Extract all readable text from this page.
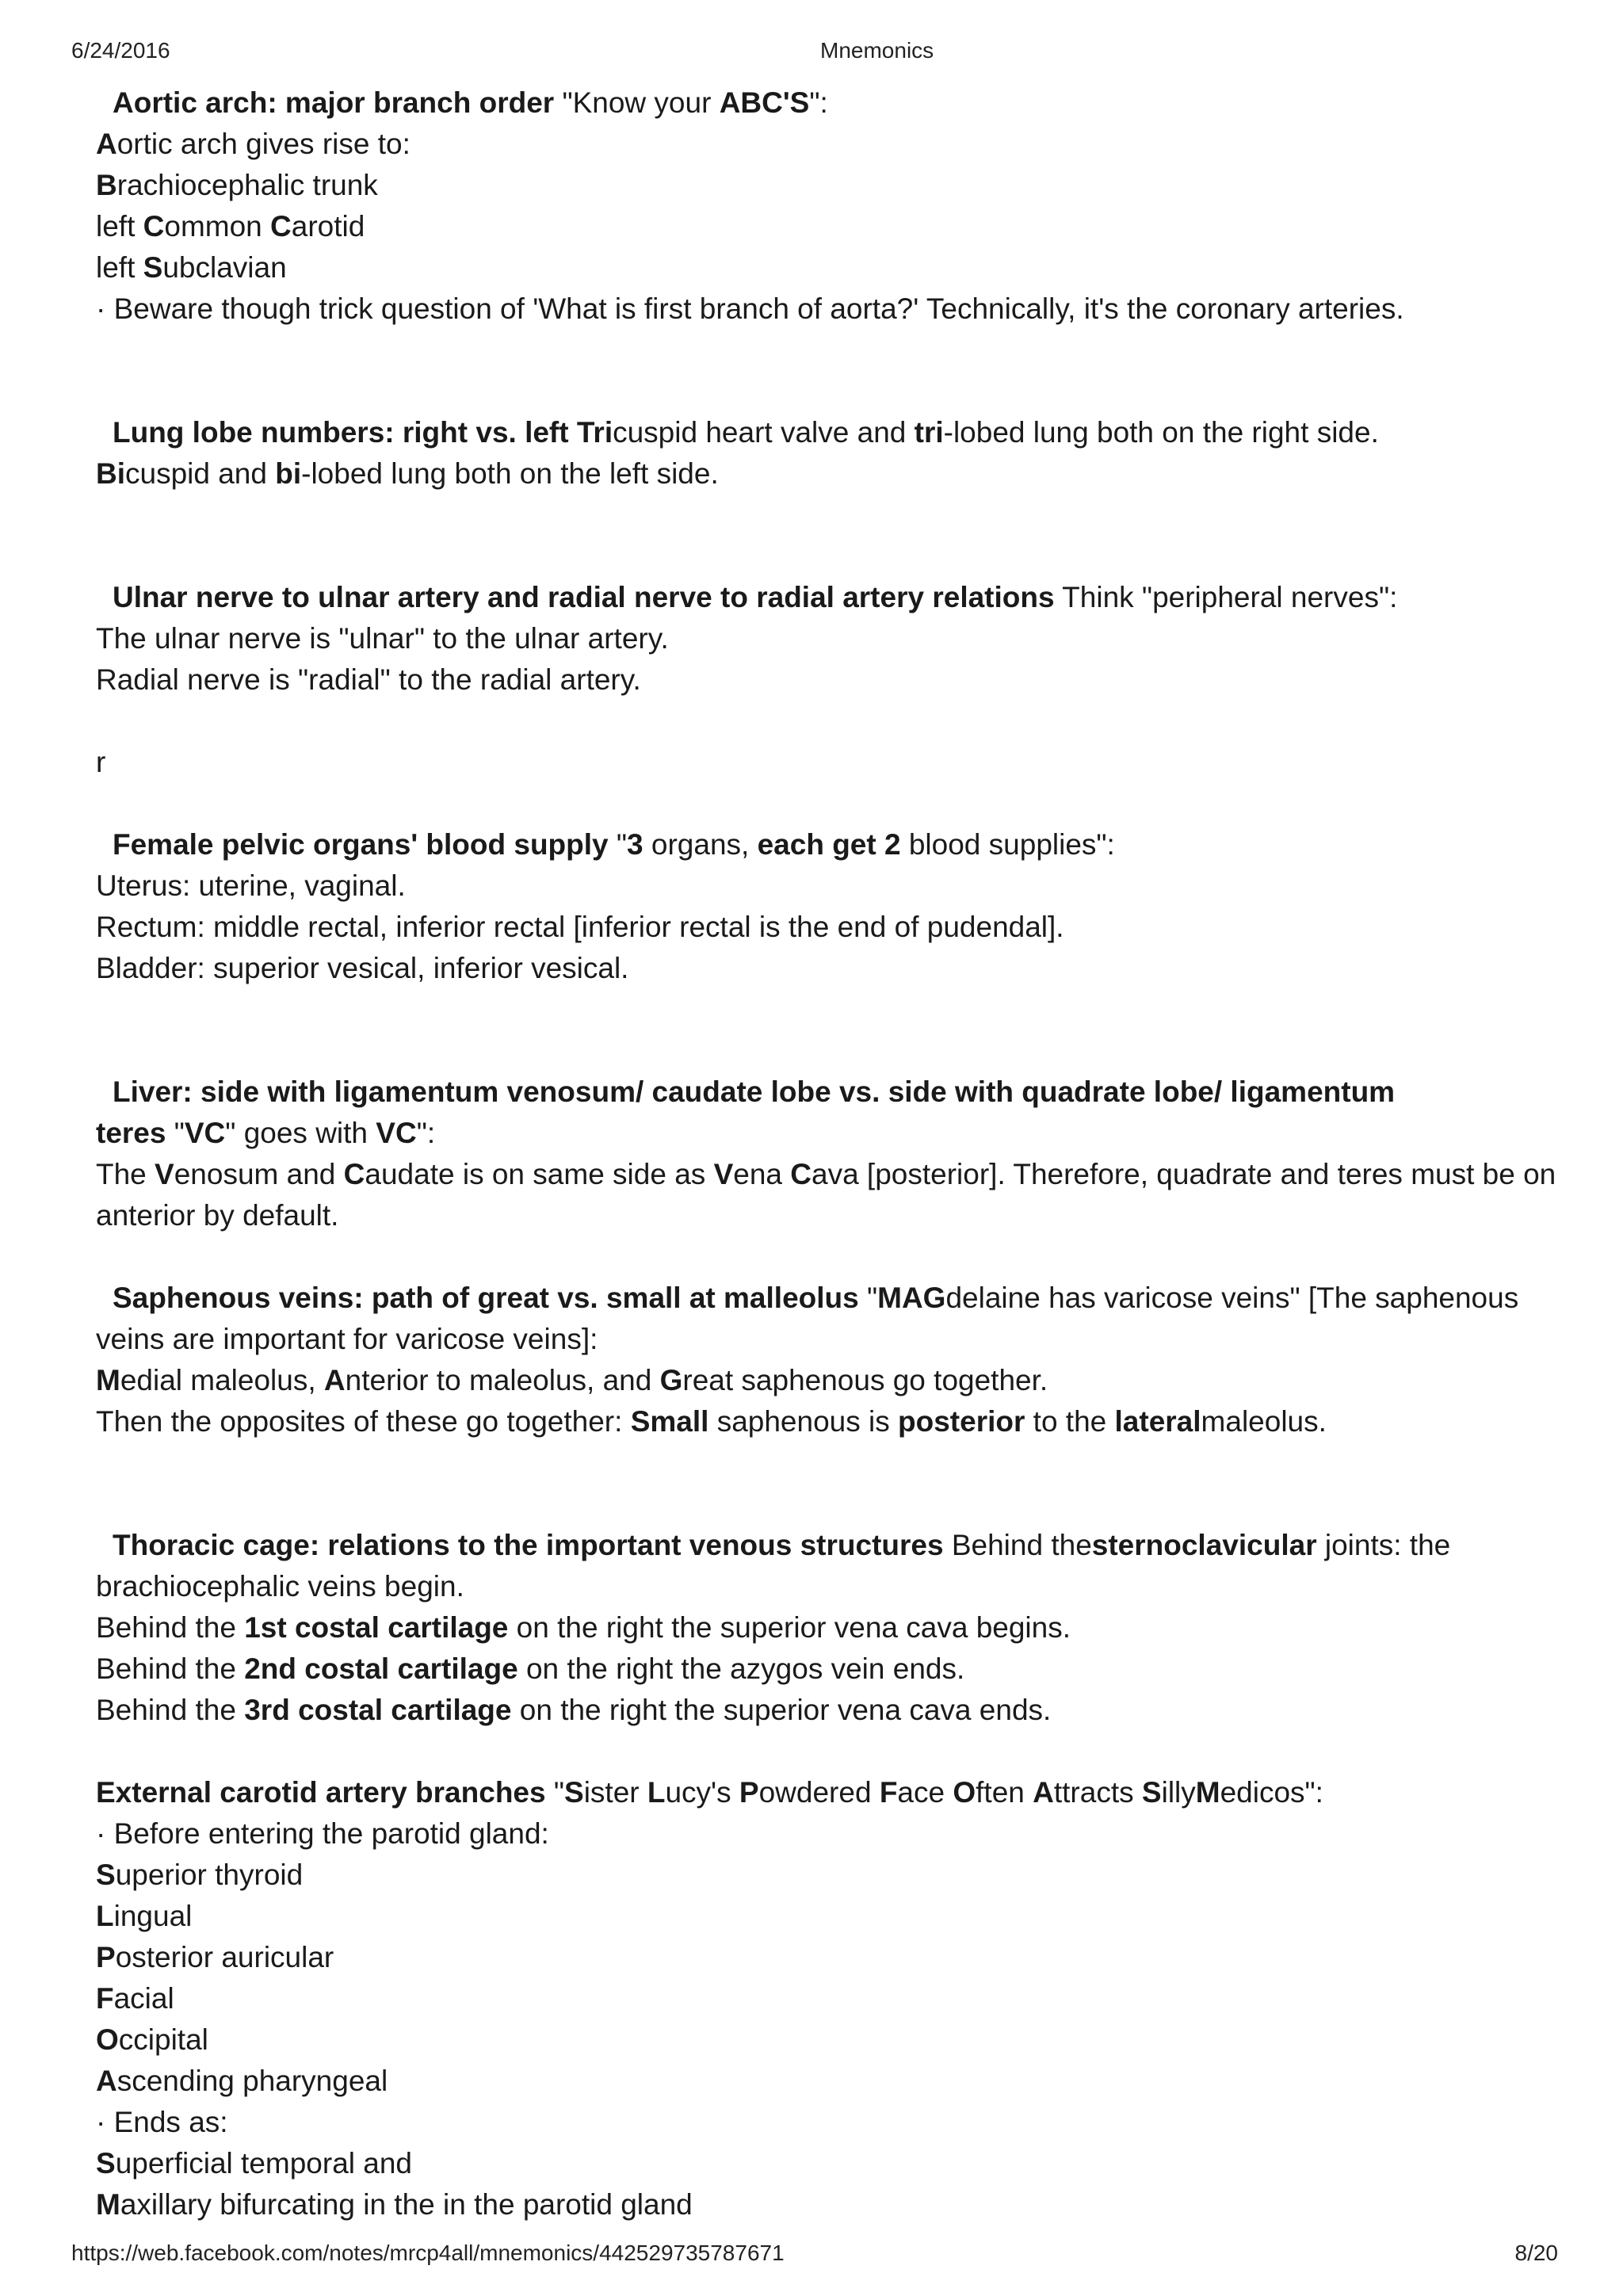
6/24/2016	Mnemonics
Aortic arch: major branch order "Know your ABC'S":
Aortic arch gives rise to:
Brachiocephalic trunk
left Common Carotid
left Subclavian
· Beware though trick question of 'What is first branch of aorta?' Technically, it's the coronary arteries.
Lung lobe numbers: right vs. left Tricuspid heart valve and tri-lobed lung both on the right side.
Bicuspid and bi-lobed lung both on the left side.
Ulnar nerve to ulnar artery and radial nerve to radial artery relations Think "peripheral nerves":
The ulnar nerve is "ulnar" to the ulnar artery.
Radial nerve is "radial" to the radial artery.
r
Female pelvic organs' blood supply "3 organs, each get 2 blood supplies":
Uterus: uterine, vaginal.
Rectum: middle rectal, inferior rectal [inferior rectal is the end of pudendal].
Bladder: superior vesical, inferior vesical.
Liver: side with ligamentum venosum/ caudate lobe vs. side with quadrate lobe/ ligamentum
teres "VC" goes with VC":
The Venosum and Caudate is on same side as Vena Cava [posterior]. Therefore, quadrate and teres must be on
anterior by default.
Saphenous veins: path of great vs. small at malleolus "MAGdelaine has varicose veins" [The saphenous
veins are important for varicose veins]:
Medial maleolus, Anterior to maleolus, and Great saphenous go together.
Then the opposites of these go together: Small saphenous is posterior to the lateralmaleolus.
Thoracic cage: relations to the important venous structures Behind thesternoclavicular joints: the
brachiocephalic veins begin.
Behind the 1st costal cartilage on the right the superior vena cava begins.
Behind the 2nd costal cartilage on the right the azygos vein ends.
Behind the 3rd costal cartilage on the right the superior vena cava ends.
External carotid artery branches "Sister Lucy's Powdered Face Often Attracts SillyMedicos":
· Before entering the parotid gland:
Superior thyroid
Lingual
Posterior auricular
Facial
Occipital
Ascending pharyngeal
· Ends as:
Superficial temporal and
Maxillary bifurcating in the in the parotid gland
https://web.facebook.com/notes/mrcp4all/mnemonics/442529735787671	8/20
